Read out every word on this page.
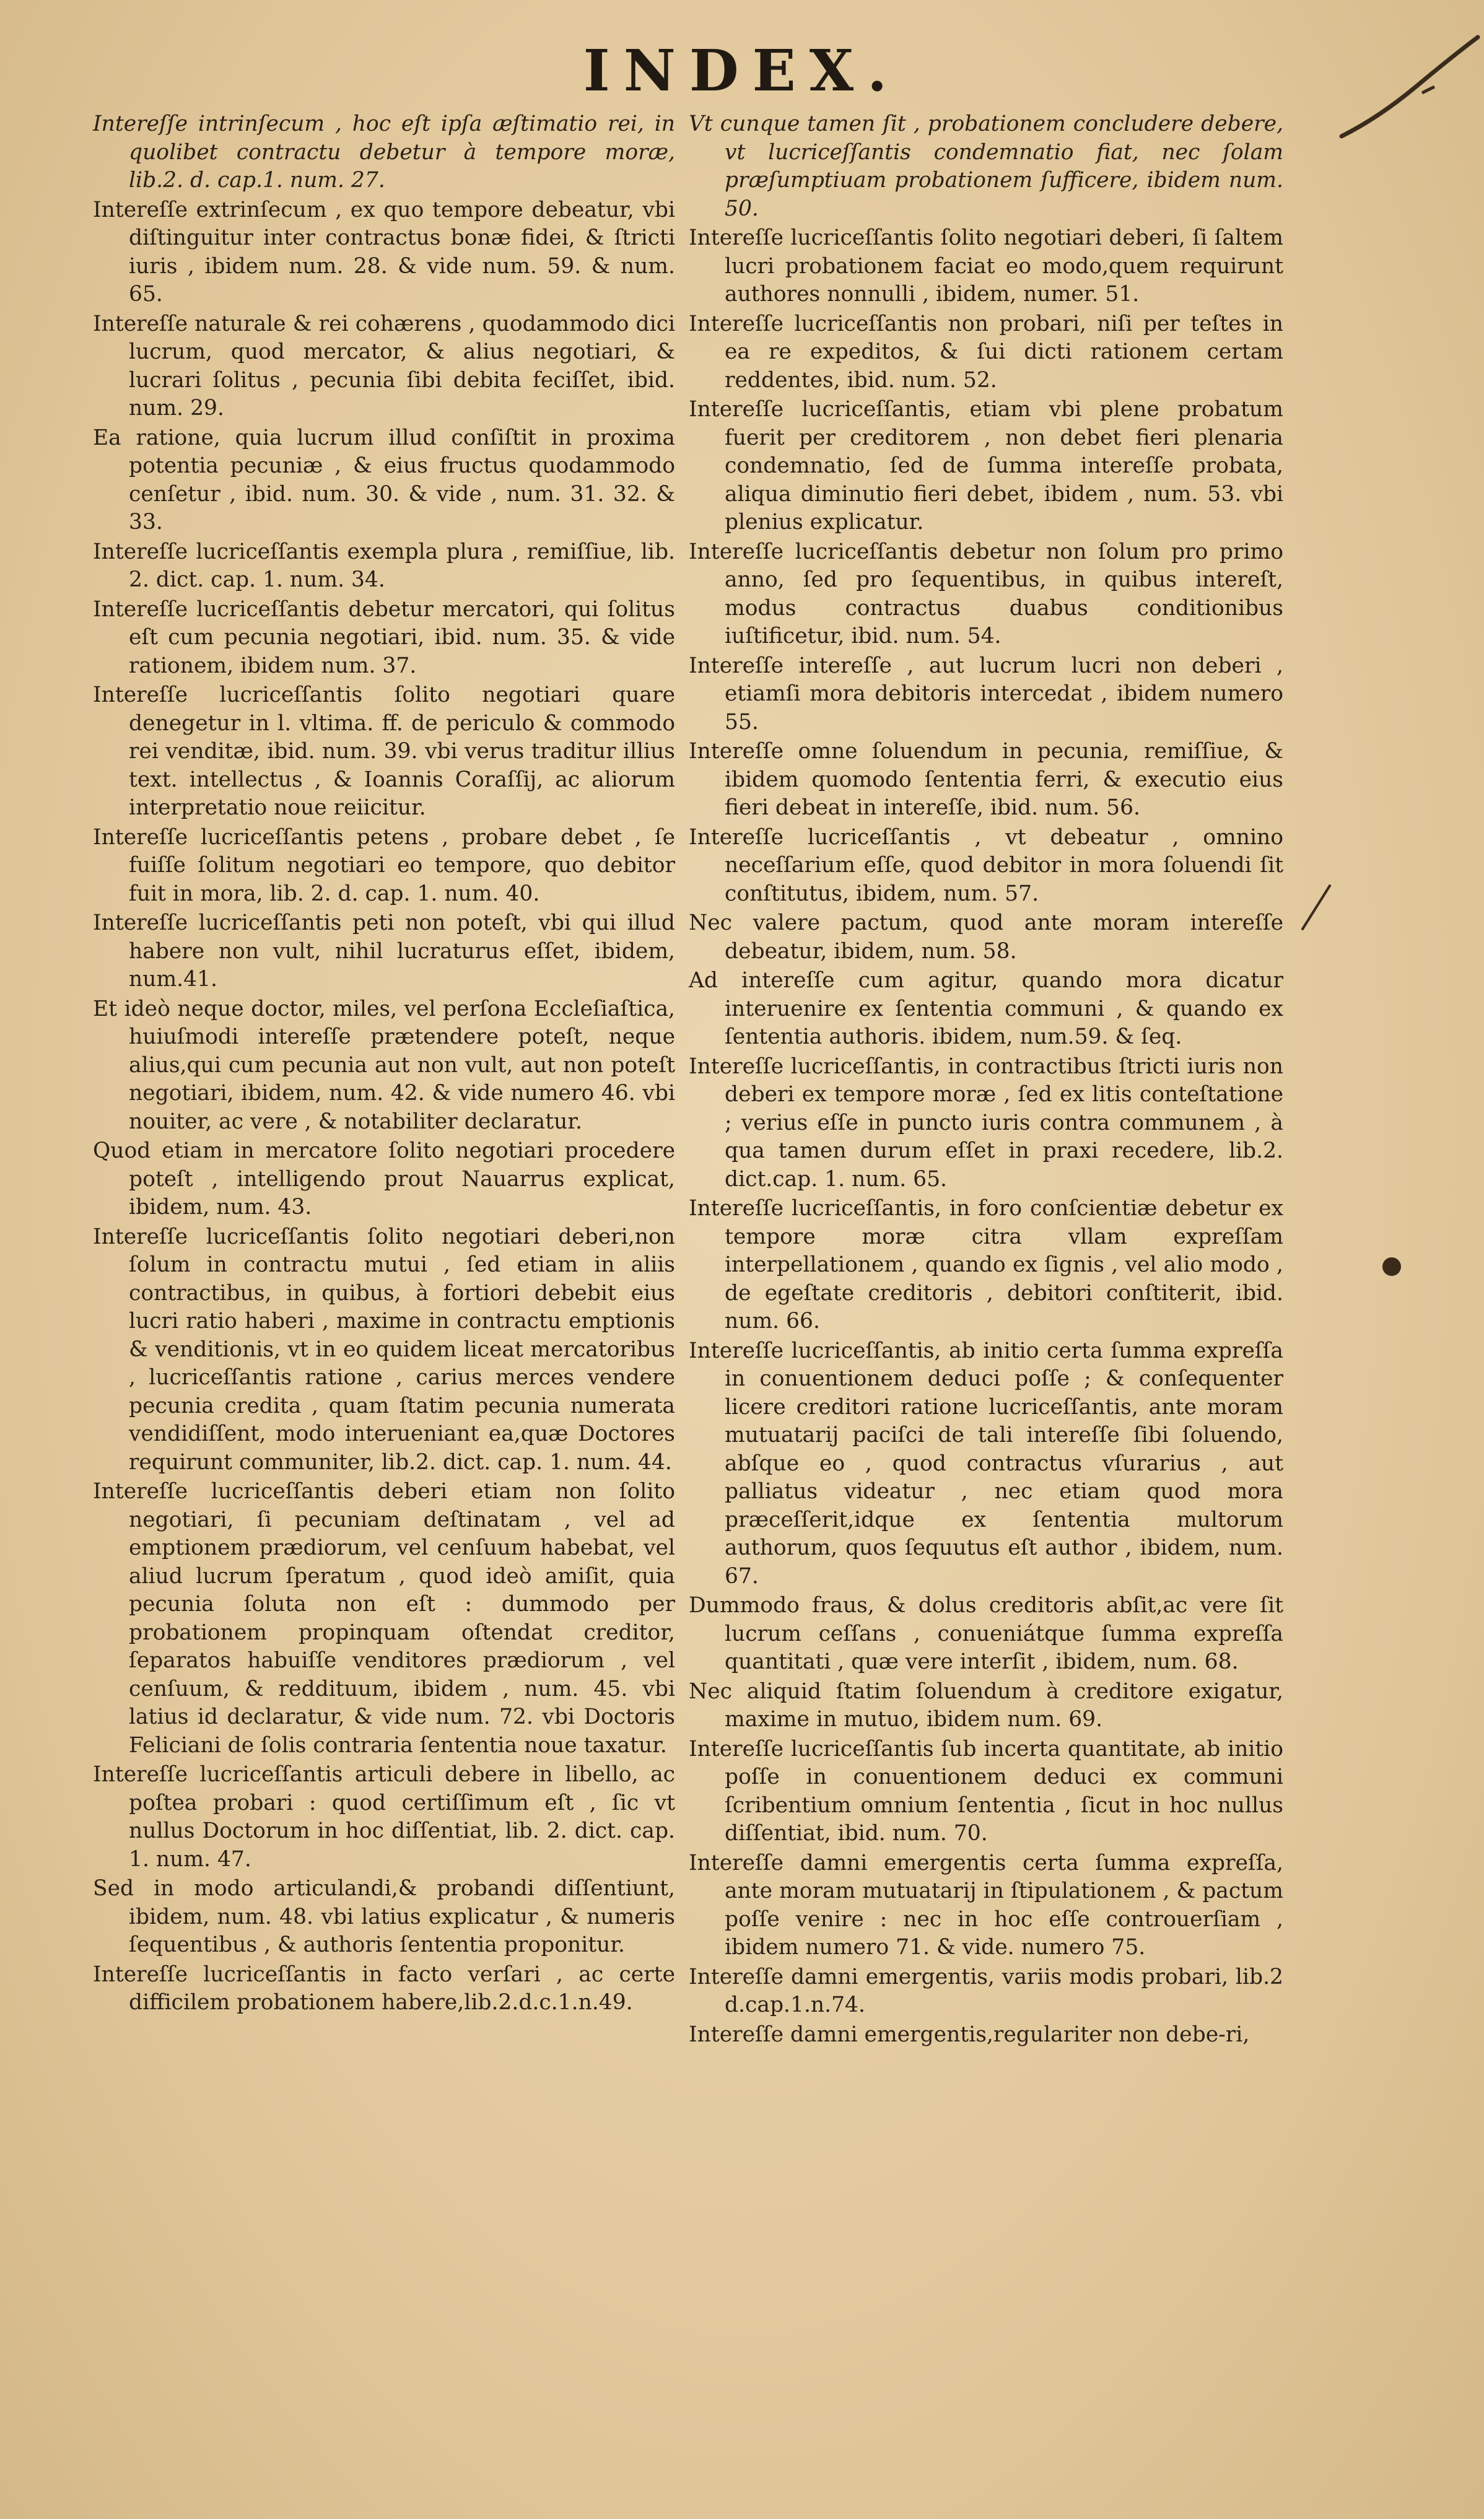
INDEX.

Intereſſe intrinſecum , hoc eſt ipſa æſtimatio rei, in quolibet contractu debetur à tempore moræ, lib.2. d. cap.1. num. 27.

Intereſſe extrinſecum , ex quo tempore debeatur, vbi diſtinguitur inter contractus bonæ fidei, & ſtricti iuris , ibidem num. 28. & vide num. 59. & num. 65.

Intereſſe naturale & rei cohærens , quodammodo dici lucrum, quod mercator, & alius negotiari, & lucrari ſolitus , pecunia ſibi debita feciſſet, ibid. num. 29.

Ea ratione, quia lucrum illud conſiſtit in proxima potentia pecuniæ , & eius fructus quodammodo cenſetur , ibid. num. 30. & vide , num. 31. 32. & 33.

Intereſſe lucriceſſantis exempla plura , remiſſiue, lib. 2. dict. cap. 1. num. 34.

Intereſſe lucriceſſantis debetur mercatori, qui ſolitus eſt cum pecunia negotiari, ibid. num. 35. & vide rationem, ibidem num. 37.

Intereſſe lucriceſſantis ſolito negotiari quare denegetur in l. vltima. ff. de periculo & commodo rei venditæ, ibid. num. 39. vbi verus traditur illius text. intellectus , & Ioannis Coraſſij, ac aliorum interpretatio noue reiicitur.

Intereſſe lucriceſſantis petens , probare debet , ſe fuiſſe ſolitum negotiari eo tempore, quo debitor fuit in mora, lib. 2. d. cap. 1. num. 40.

Intereſſe lucriceſſantis peti non poteſt, vbi qui illud habere non vult, nihil lucraturus eſſet, ibidem, num.41.

Et ideò neque doctor, miles, vel perſona Eccleſiaſtica, huiuſmodi intereſſe prætendere poteſt, neque alius,qui cum pecunia aut non vult, aut non poteſt negotiari, ibidem, num. 42. & vide numero 46. vbi nouiter, ac vere , & notabiliter declaratur.

Quod etiam in mercatore ſolito negotiari procedere poteſt , intelligendo prout Nauarrus explicat, ibidem, num. 43.

Intereſſe lucriceſſantis ſolito negotiari deberi,non ſolum in contractu mutui , ſed etiam in aliis contractibus, in quibus, à fortiori debebit eius lucri ratio haberi , maxime in contractu emptionis & venditionis, vt in eo quidem liceat mercatoribus , lucriceſſantis ratione , carius merces vendere pecunia credita , quam ſtatim pecunia numerata vendidiſſent, modo interueniant ea,quæ Doctores requirunt communiter, lib.2. dict. cap. 1. num. 44.

Intereſſe lucriceſſantis deberi etiam non ſolito negotiari, ſi pecuniam deſtinatam , vel ad emptionem prædiorum, vel cenſuum habebat, vel aliud lucrum ſperatum , quod ideò amiſit, quia pecunia ſoluta non eſt : dummodo per probationem propinquam oſtendat creditor, ſeparatos habuiſſe venditores prædiorum , vel cenſuum, & reddituum, ibidem , num. 45. vbi latius id declaratur, & vide num. 72. vbi Doctoris Feliciani de ſolis contraria ſententia noue taxatur.

Intereſſe lucriceſſantis articuli debere in libello, ac poſtea probari : quod certiſſimum eſt , ſic vt nullus Doctorum in hoc diſſentiat, lib. 2. dict. cap. 1. num. 47.

Sed in modo articulandi,& probandi diſſentiunt, ibidem, num. 48. vbi latius explicatur , & numeris ſequentibus , & authoris ſententia proponitur.

Intereſſe lucriceſſantis in facto verſari , ac certe difficilem probationem habere,lib.2.d.c.1.n.49.

Vt cunque tamen ſit , probationem concludere debere, vt lucriceſſantis condemnatio fiat, nec ſolam præſumptiuam probationem ſufficere, ibidem num. 50.

Intereſſe lucriceſſantis ſolito negotiari deberi, ſi ſaltem lucri probationem faciat eo modo,quem requirunt authores nonnulli , ibidem, numer. 51.

Intereſſe lucriceſſantis non probari, niſi per teſtes in ea re expeditos, & ſui dicti rationem certam reddentes, ibid. num. 52.

Intereſſe lucriceſſantis, etiam vbi plene probatum fuerit per creditorem , non debet fieri plenaria condemnatio, ſed de ſumma intereſſe probata, aliqua diminutio fieri debet, ibidem , num. 53. vbi plenius explicatur.

Intereſſe lucriceſſantis debetur non ſolum pro primo anno, ſed pro ſequentibus, in quibus intereſt, modus contractus duabus conditionibus iuſtificetur, ibid. num. 54.

Intereſſe intereſſe , aut lucrum lucri non deberi , etiamſi mora debitoris intercedat , ibidem numero 55.

Intereſſe omne ſoluendum in pecunia, remiſſiue, & ibidem quomodo ſententia ferri, & executio eius fieri debeat in intereſſe, ibid. num. 56.

Intereſſe lucriceſſantis , vt debeatur , omnino neceſſarium eſſe, quod debitor in mora ſoluendi ſit conſtitutus, ibidem, num. 57.

Nec valere pactum, quod ante moram intereſſe debeatur, ibidem, num. 58.

Ad intereſſe cum agitur, quando mora dicatur interuenire ex ſententia communi , & quando ex ſententia authoris. ibidem, num.59. & ſeq.

Intereſſe lucriceſſantis, in contractibus ſtricti iuris non deberi ex tempore moræ , ſed ex litis conteſtatione ; verius eſſe in puncto iuris contra communem , à qua tamen durum eſſet in praxi recedere, lib.2. dict.cap. 1. num. 65.

Intereſſe lucriceſſantis, in foro conſcientiæ debetur ex tempore moræ citra vllam expreſſam interpellationem , quando ex ſignis , vel alio modo , de egeſtate creditoris , debitori conſtiterit, ibid. num. 66.

Intereſſe lucriceſſantis, ab initio certa ſumma expreſſa in conuentionem deduci poſſe ; & conſequenter licere creditori ratione lucriceſſantis, ante moram mutuatarij paciſci de tali intereſſe ſibi ſoluendo, abſque eo , quod contractus vſurarius , aut palliatus videatur , nec etiam quod mora præceſſerit,idque ex ſententia multorum authorum, quos ſequutus eſt author , ibidem, num. 67.

Dummodo fraus, & dolus creditoris abſit,ac vere ſit lucrum ceſſans , conueniátque ſumma expreſſa quantitati , quæ vere interſit , ibidem, num. 68.

Nec aliquid ſtatim ſoluendum à creditore exigatur, maxime in mutuo, ibidem num. 69.

Intereſſe lucriceſſantis ſub incerta quantitate, ab initio poſſe in conuentionem deduci ex communi ſcribentium omnium ſententia , ſicut in hoc nullus diſſentiat, ibid. num. 70.

Intereſſe damni emergentis certa ſumma expreſſa, ante moram mutuatarij in ſtipulationem , & pactum poſſe venire : nec in hoc eſſe controuerſiam , ibidem numero 71. & vide. numero 75.

Intereſſe damni emergentis, variis modis probari, lib.2 d.cap.1.n.74.

Intereſſe damni emergentis,regulariter non debe-ri,
